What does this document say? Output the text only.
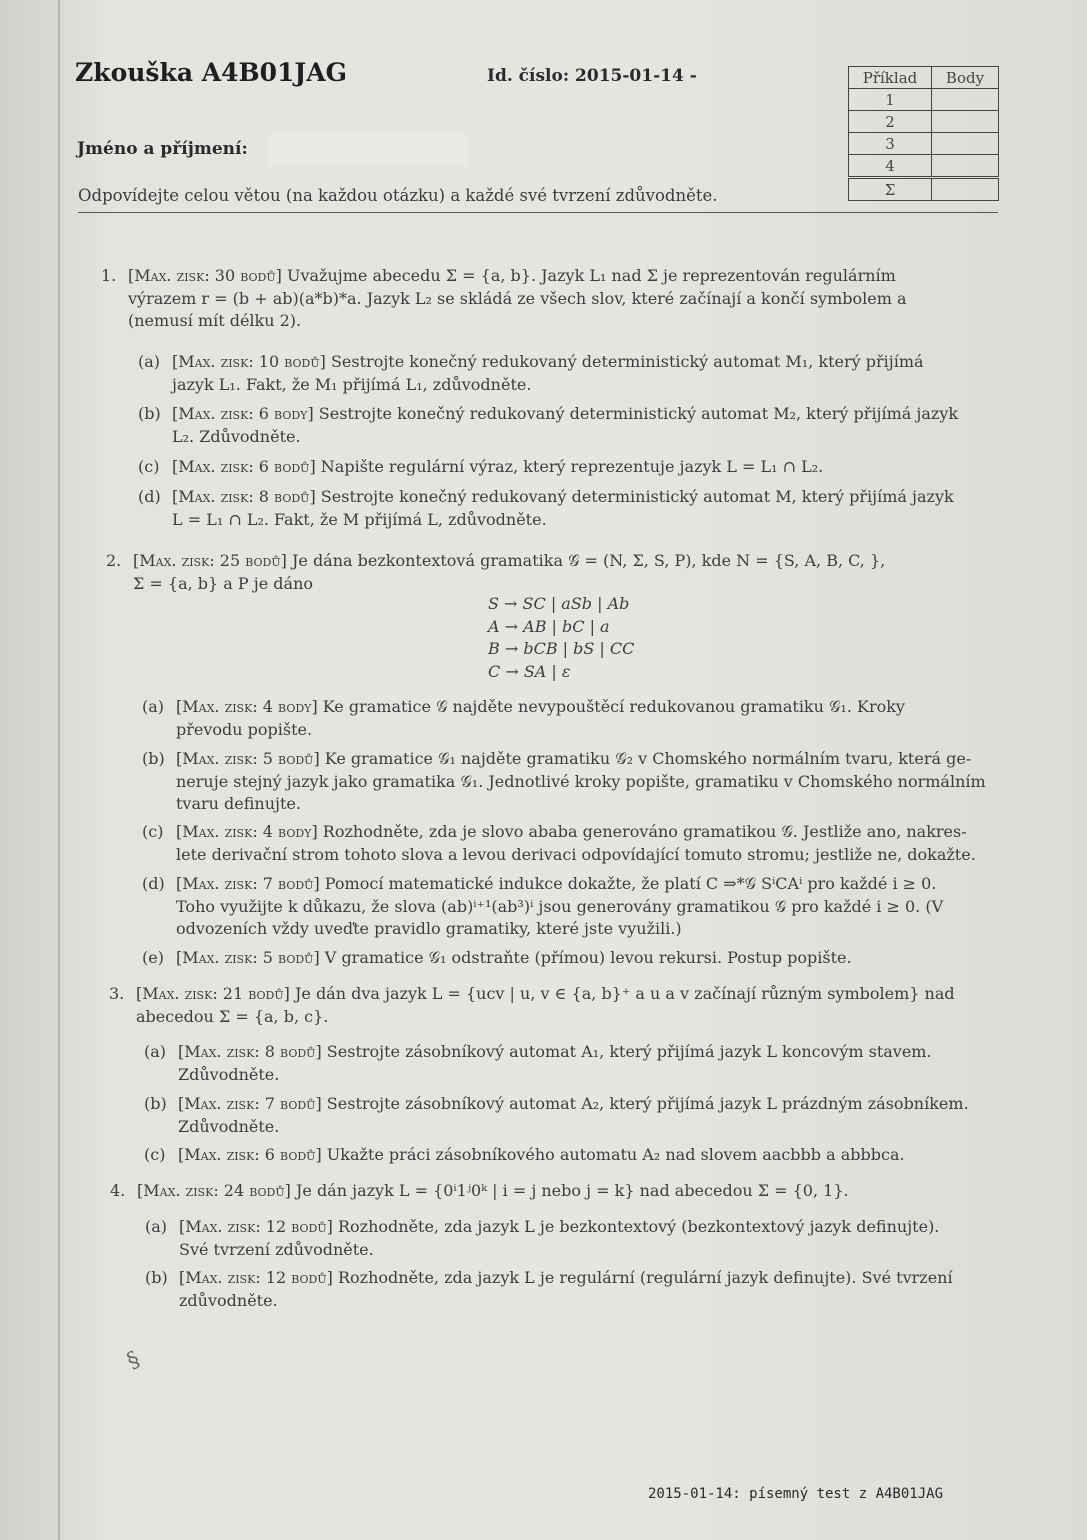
Zkouška A4B01JAG	Id. číslo: 2015-01-14 -
Jméno a příjmení:
Odpovídejte celou větou (na každou otázku) a každé své tvrzení zdůvodněte.
Příklad	Body
1	
2	
3	
4	
Σ	
1. [Max. zisk: 30 bodů] Uvažujme abecedu Σ = {a, b}. Jazyk L₁ nad Σ je reprezentován regulárním
výrazem r = (b + ab)(a*b)*a. Jazyk L₂ se skládá ze všech slov, které začínají a končí symbolem a
(nemusí mít délku 2).
(a) [Max. zisk: 10 bodů] Sestrojte konečný redukovaný deterministický automat M₁, který přijímá
jazyk L₁. Fakt, že M₁ přijímá L₁, zdůvodněte.
(b) [Max. zisk: 6 body] Sestrojte konečný redukovaný deterministický automat M₂, který přijímá jazyk
L₂. Zdůvodněte.
(c) [Max. zisk: 6 bodů] Napište regulární výraz, který reprezentuje jazyk L = L₁ ∩ L₂.
(d) [Max. zisk: 8 bodů] Sestrojte konečný redukovaný deterministický automat M, který přijímá jazyk
L = L₁ ∩ L₂. Fakt, že M přijímá L, zdůvodněte.
2. [Max. zisk: 25 bodů] Je dána bezkontextová gramatika 𝒢 = (N, Σ, S, P), kde N = {S, A, B, C, },
Σ = {a, b} a P je dáno
S → SC | aSb | Ab
A → AB | bC | a
B → bCB | bS | CC
C → SA | ε
(a) [Max. zisk: 4 body] Ke gramatice 𝒢 najděte nevypouštěcí redukovanou gramatiku 𝒢₁. Kroky
převodu popište.
(b) [Max. zisk: 5 bodů] Ke gramatice 𝒢₁ najděte gramatiku 𝒢₂ v Chomského normálním tvaru, která ge-
neruje stejný jazyk jako gramatika 𝒢₁. Jednotlivé kroky popište, gramatiku v Chomského normálním
tvaru definujte.
(c) [Max. zisk: 4 body] Rozhodněte, zda je slovo ababa generováno gramatikou 𝒢. Jestliže ano, nakres-
lete derivační strom tohoto slova a levou derivaci odpovídající tomuto stromu; jestliže ne, dokažte.
(d) [Max. zisk: 7 bodů] Pomocí matematické indukce dokažte, že platí C ⇒*𝒢 SⁱCAⁱ pro každé i ≥ 0.
Toho využijte k důkazu, že slova (ab)ⁱ⁺¹(ab³)ⁱ jsou generovány gramatikou 𝒢 pro každé i ≥ 0. (V
odvozeních vždy uveďte pravidlo gramatiky, které jste využili.)
(e) [Max. zisk: 5 bodů] V gramatice 𝒢₁ odstraňte (přímou) levou rekursi. Postup popište.
3. [Max. zisk: 21 bodů] Je dán dva jazyk L = {ucv | u, v ∈ {a, b}⁺ a u a v začínají různým symbolem} nad
abecedou Σ = {a, b, c}.
(a) [Max. zisk: 8 bodů] Sestrojte zásobníkový automat A₁, který přijímá jazyk L koncovým stavem.
Zdůvodněte.
(b) [Max. zisk: 7 bodů] Sestrojte zásobníkový automat A₂, který přijímá jazyk L prázdným zásobníkem.
Zdůvodněte.
(c) [Max. zisk: 6 bodů] Ukažte práci zásobníkového automatu A₂ nad slovem aacbbb a abbbca.
4. [Max. zisk: 24 bodů] Je dán jazyk L = {0ⁱ1ʲ0ᵏ | i = j nebo j = k} nad abecedou Σ = {0, 1}.
(a) [Max. zisk: 12 bodů] Rozhodněte, zda jazyk L je bezkontextový (bezkontextový jazyk definujte).
Své tvrzení zdůvodněte.
(b) [Max. zisk: 12 bodů] Rozhodněte, zda jazyk L je regulární (regulární jazyk definujte). Své tvrzení
zdůvodněte.
§
2015-01-14: písemný test z A4B01JAG
